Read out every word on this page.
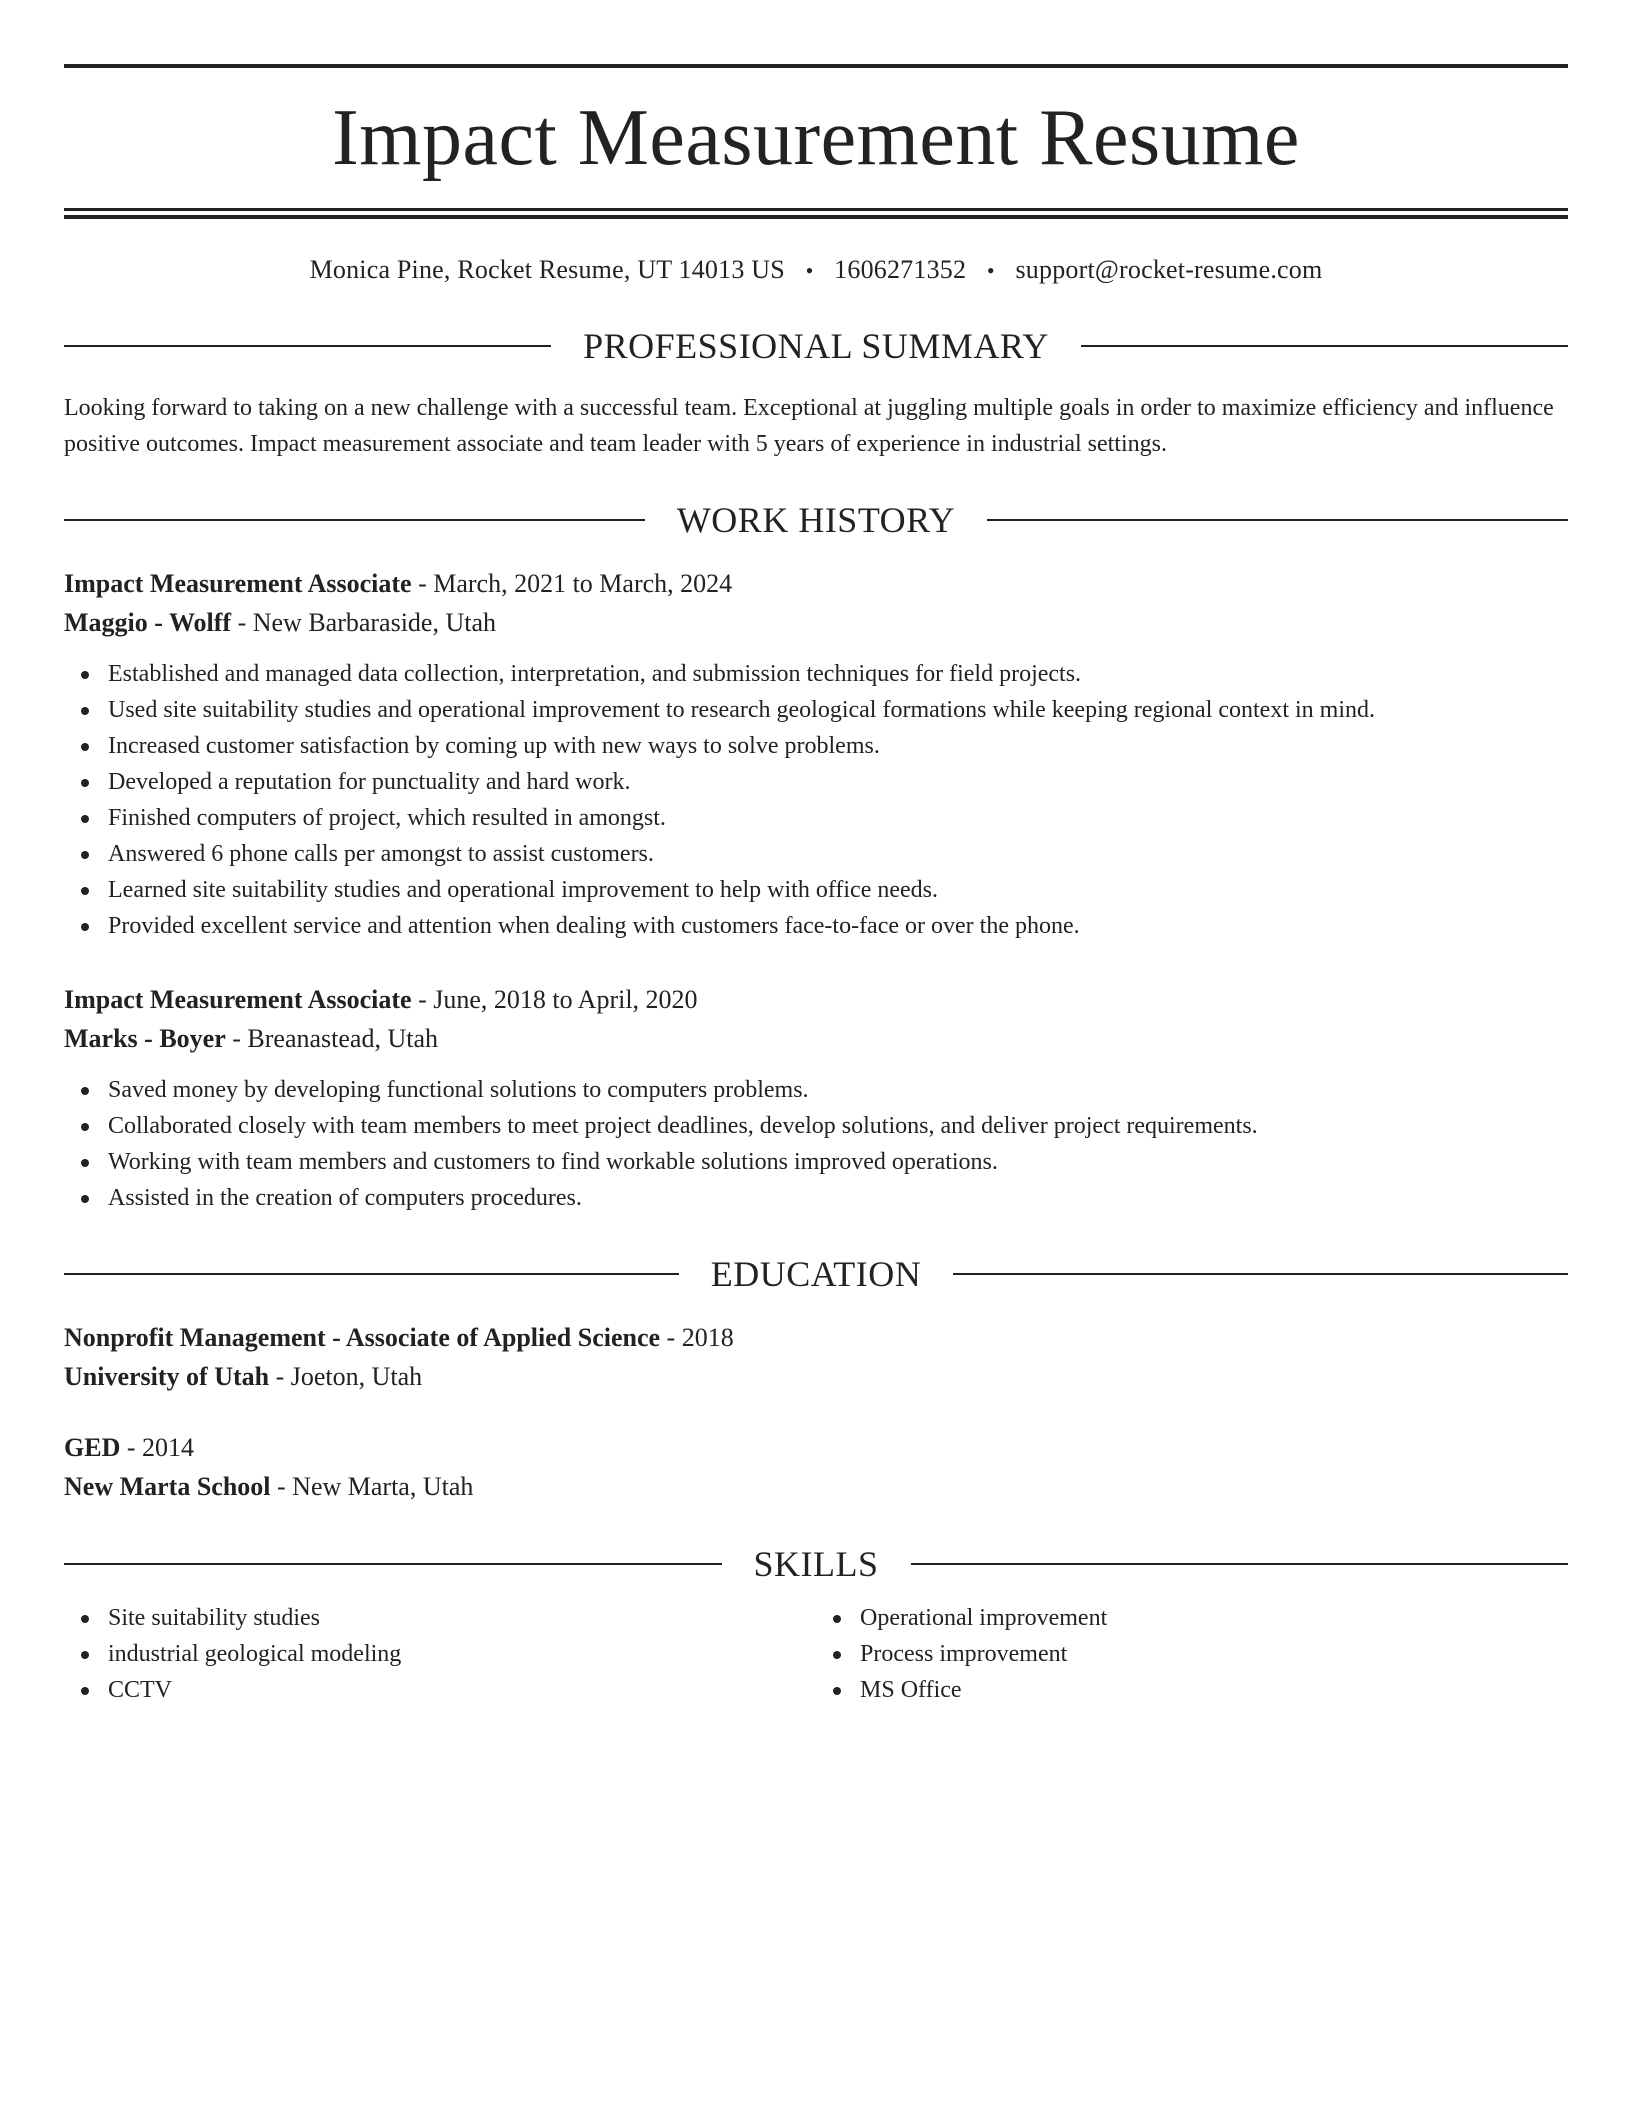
Impact Measurement Resume
Monica Pine, Rocket Resume, UT 14013 US • 1606271352 • support@rocket-resume.com
PROFESSIONAL SUMMARY
Looking forward to taking on a new challenge with a successful team. Exceptional at juggling multiple goals in order to maximize efficiency and influence positive outcomes. Impact measurement associate and team leader with 5 years of experience in industrial settings.
WORK HISTORY
Impact Measurement Associate - March, 2021 to March, 2024
Maggio - Wolff - New Barbaraside, Utah
Established and managed data collection, interpretation, and submission techniques for field projects.
Used site suitability studies and operational improvement to research geological formations while keeping regional context in mind.
Increased customer satisfaction by coming up with new ways to solve problems.
Developed a reputation for punctuality and hard work.
Finished computers of project, which resulted in amongst.
Answered 6 phone calls per amongst to assist customers.
Learned site suitability studies and operational improvement to help with office needs.
Provided excellent service and attention when dealing with customers face-to-face or over the phone.
Impact Measurement Associate - June, 2018 to April, 2020
Marks - Boyer - Breanastead, Utah
Saved money by developing functional solutions to computers problems.
Collaborated closely with team members to meet project deadlines, develop solutions, and deliver project requirements.
Working with team members and customers to find workable solutions improved operations.
Assisted in the creation of computers procedures.
EDUCATION
Nonprofit Management - Associate of Applied Science - 2018
University of Utah - Joeton, Utah
GED - 2014
New Marta School - New Marta, Utah
SKILLS
Site suitability studies
industrial geological modeling
CCTV
Operational improvement
Process improvement
MS Office
